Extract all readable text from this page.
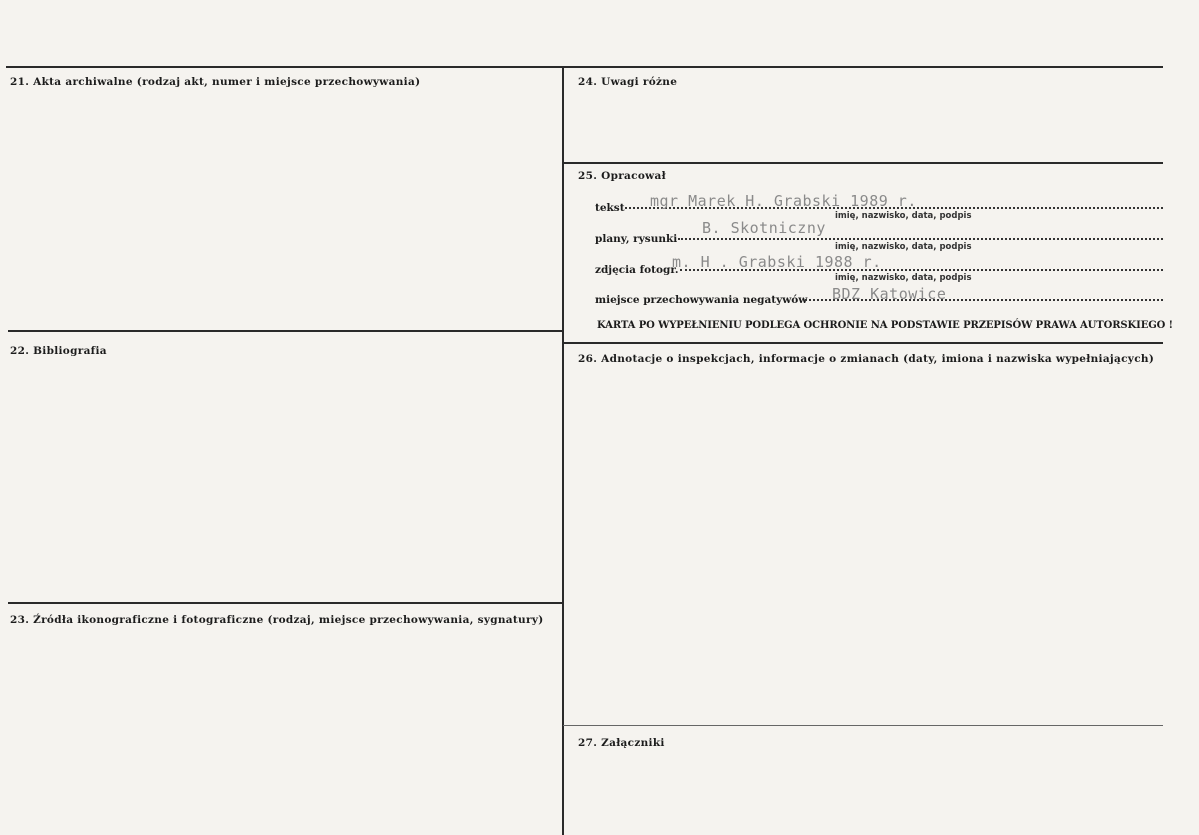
21. Akta archiwalne (rodzaj akt, numer i miejsce przechowywania)
22. Bibliografia
23. Źródła ikonograficzne i fotograficzne (rodzaj, miejsce przechowywania, sygnatury)
24. Uwagi różne
25. Opracował
26. Adnotacje o inspekcjach, informacje o zmianach (daty, imiona i nazwiska wypełniających)
27. Załączniki
tekst mgr Marek H. Grabski 1989 r.
imię, nazwisko, data, podpis
plany, rysunki
B. Skotniczny
imię, nazwisko, data, podpis
zdjęcia fotogr.
m. H . Grabski 1988 r.
imię, nazwisko, data, podpis
miejsce przechowywania negatywów BDZ Katowice
KARTA PO WYPEŁNIENIU PODLEGA OCHRONIE NA PODSTAWIE PRZEPISÓW PRAWA AUTORSKIEGO !
